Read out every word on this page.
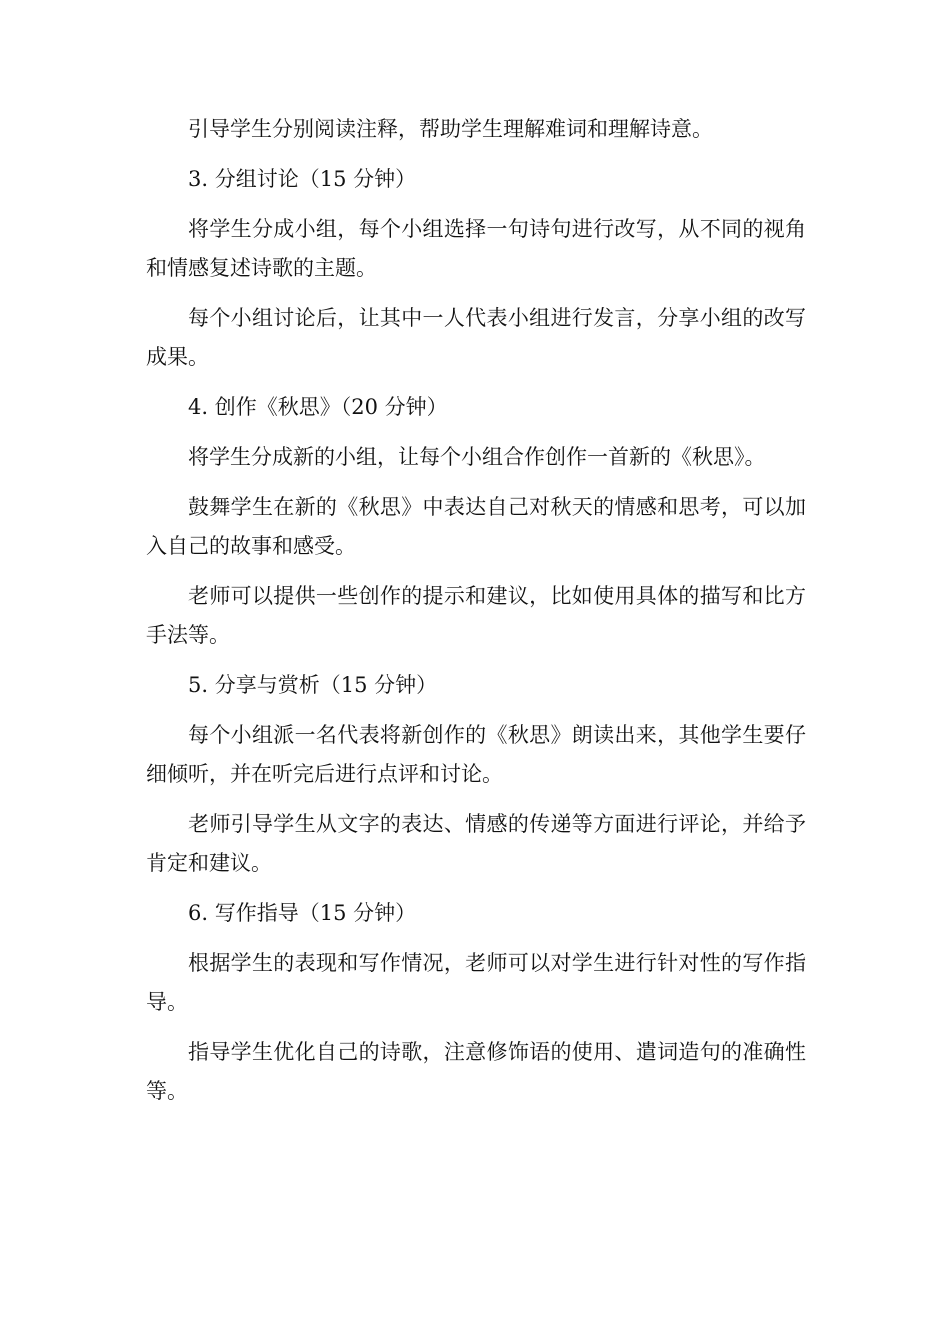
引导学生分别阅读注释，帮助学生理解难词和理解诗意。

3. 分组讨论（15 分钟）

将学生分成小组，每个小组选择一句诗句进行改写，从不同的视角和情感复述诗歌的主题。

每个小组讨论后，让其中一人代表小组进行发言，分享小组的改写成果。

4. 创作《秋思》（20 分钟）

将学生分成新的小组，让每个小组合作创作一首新的《秋思》。

鼓舞学生在新的《秋思》中表达自己对秋天的情感和思考，可以加入自己的故事和感受。

老师可以提供一些创作的提示和建议，比如使用具体的描写和比方手法等。

5. 分享与赏析（15 分钟）

每个小组派一名代表将新创作的《秋思》朗读出来，其他学生要仔细倾听，并在听完后进行点评和讨论。

老师引导学生从文字的表达、情感的传递等方面进行评论，并给予肯定和建议。

6. 写作指导（15 分钟）

根据学生的表现和写作情况，老师可以对学生进行针对性的写作指导。

指导学生优化自己的诗歌，注意修饰语的使用、遣词造句的准确性等。
